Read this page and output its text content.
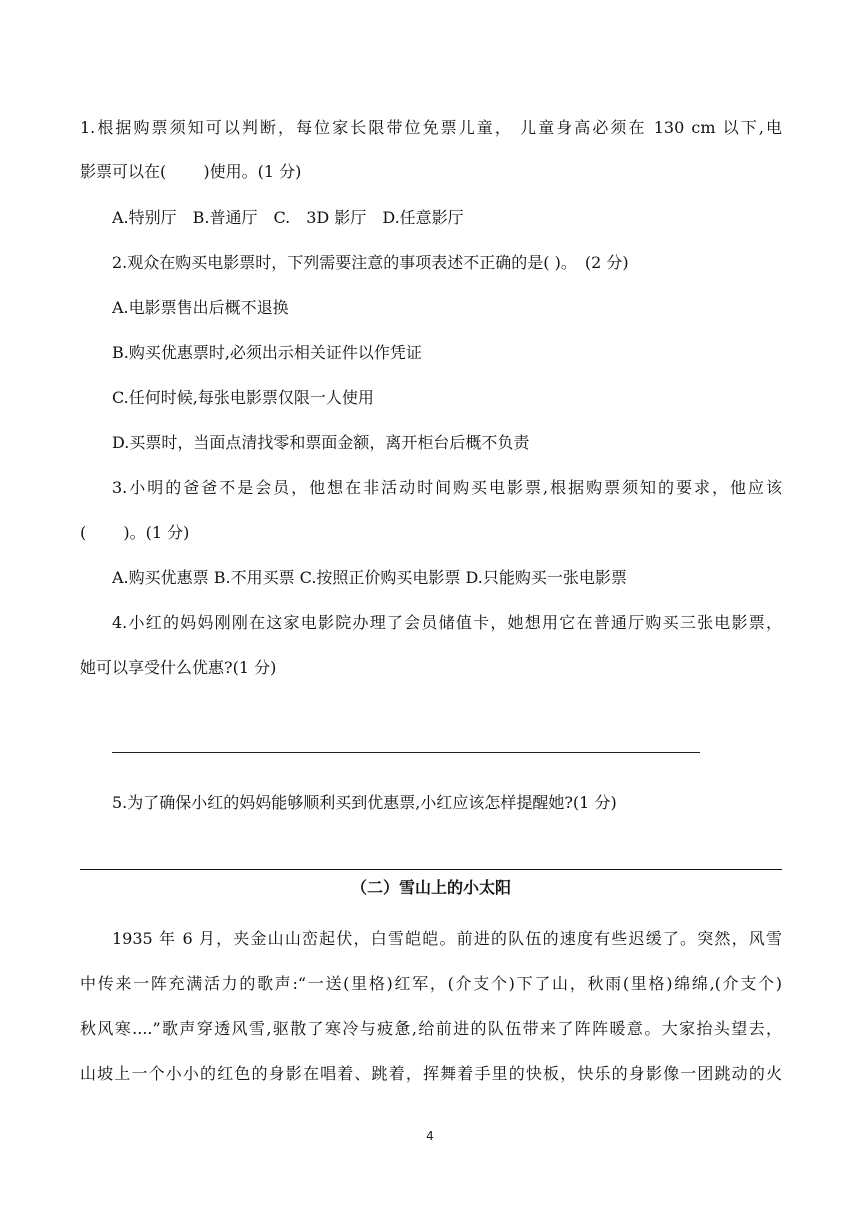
1.根据购票须知可以判断，每位家长限带位免票儿童， 儿童身高必须在 130 cm 以下,电
影票可以在(　　 )使用。(1 分)
A.特别厅　B.普通厅　C.　3D 影厅　D.任意影厅
2.观众在购买电影票时，下列需要注意的事项表述不正确的是( )。　(2 分)
A.电影票售出后概不退换
B.购买优惠票时,必须出示相关证件以作凭证
C.任何时候,每张电影票仅限一人使用
D.买票时，当面点清找零和票面金额，离开柜台后概不负责
3.小明的爸爸不是会员，他想在非活动时间购买电影票,根据购票须知的要求，他应该
(　　 )。(1 分)
A.购买优惠票 B.不用买票 C.按照正价购买电影票 D.只能购买一张电影票
4.小红的妈妈刚刚在这家电影院办理了会员储值卡，她想用它在普通厅购买三张电影票，
她可以享受什么优惠?(1 分)
5.为了确保小红的妈妈能够顺利买到优惠票,小红应该怎样提醒她?(1 分)
（二）雪山上的小太阳
1935 年 6 月，夹金山山峦起伏，白雪皑皑。前进的队伍的速度有些迟缓了。突然，风雪
中传来一阵充满活力的歌声:“一送(里格)红军，(介支个)下了山，秋雨(里格)绵绵,(介支个)
秋风寒....”歌声穿透风雪,驱散了寒冷与疲惫,给前进的队伍带来了阵阵暖意。大家抬头望去，
山坡上一个小小的红色的身影在唱着、跳着，挥舞着手里的快板，快乐的身影像一团跳动的火
4
